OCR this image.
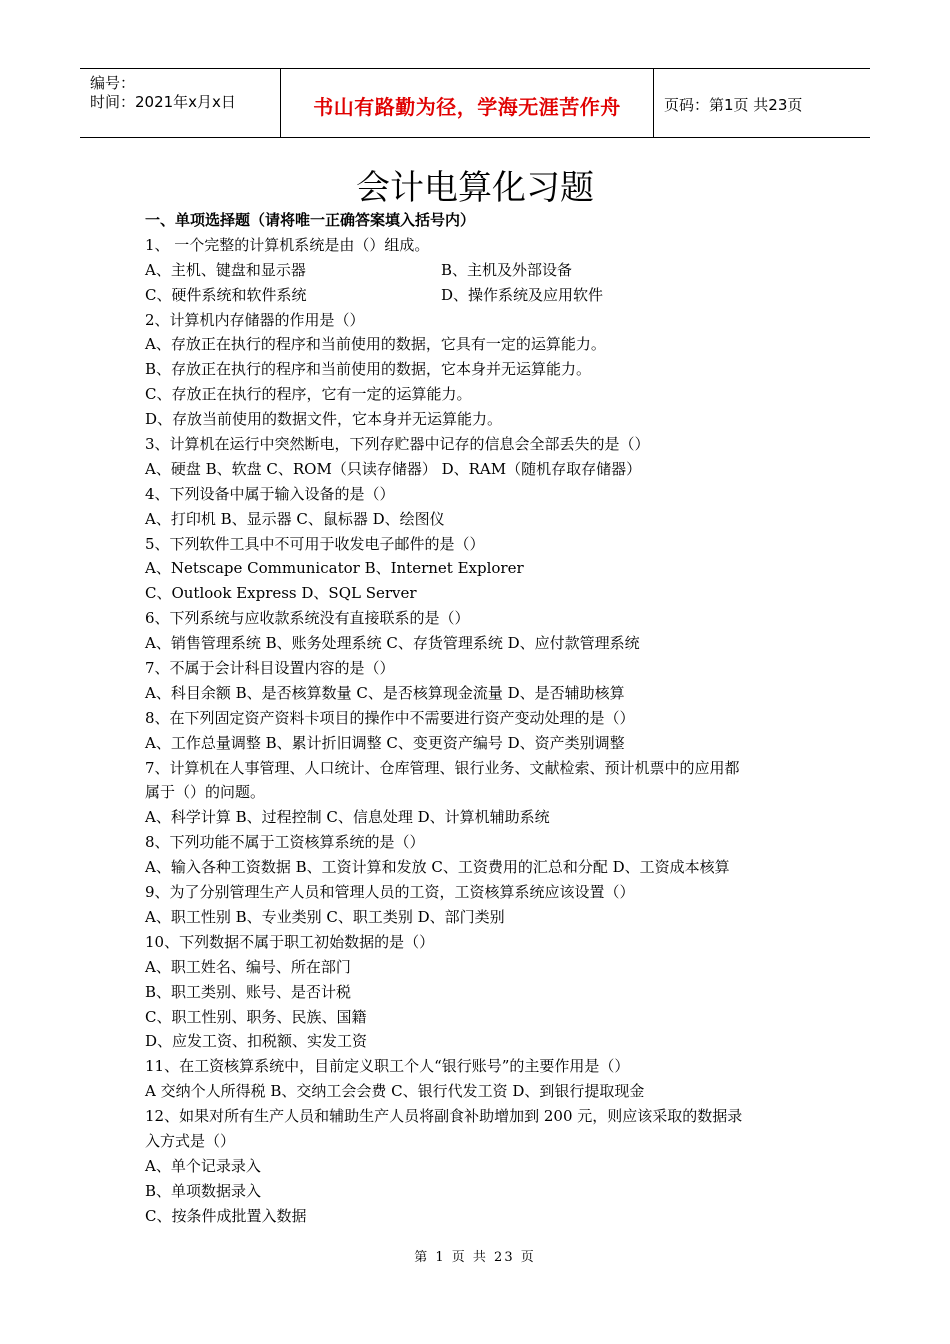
编号：
时间：2021年x月x日	书山有路勤为径，学海无涯苦作舟	页码：第1页 共23页
会计电算化习题
一、单项选择题（请将唯一正确答案填入括号内）
1、 一个完整的计算机系统是由（）组成。
A、主机、键盘和显示器	B、主机及外部设备
C、硬件系统和软件系统	D、操作系统及应用软件
2、计算机内存储器的作用是（）
A、存放正在执行的程序和当前使用的数据，它具有一定的运算能力。
B、存放正在执行的程序和当前使用的数据，它本身并无运算能力。
C、存放正在执行的程序，它有一定的运算能力。
D、存放当前使用的数据文件，它本身并无运算能力。
3、计算机在运行中突然断电，下列存贮器中记存的信息会全部丢失的是（）
A、硬盘 B、软盘 C、ROM（只读存储器） D、RAM（随机存取存储器）
4、下列设备中属于输入设备的是（）
A、打印机 B、显示器 C、鼠标器 D、绘图仪
5、下列软件工具中不可用于收发电子邮件的是（）
A、Netscape Communicator B、Internet Explorer
C、Outlook Express D、SQL Server
6、下列系统与应收款系统没有直接联系的是（）
A、销售管理系统 B、账务处理系统 C、存货管理系统 D、应付款管理系统
7、不属于会计科目设置内容的是（）
A、科目余额 B、是否核算数量 C、是否核算现金流量 D、是否辅助核算
8、在下列固定资产资料卡项目的操作中不需要进行资产变动处理的是（）
A、工作总量调整 B、累计折旧调整 C、变更资产编号 D、资产类别调整
7、计算机在人事管理、人口统计、仓库管理、银行业务、文献检索、预计机票中的应用都
属于（）的问题。
A、科学计算 B、过程控制 C、信息处理 D、计算机辅助系统
8、下列功能不属于工资核算系统的是（）
A、输入各种工资数据 B、工资计算和发放 C、工资费用的汇总和分配 D、工资成本核算
9、为了分别管理生产人员和管理人员的工资，工资核算系统应该设置（）
A、职工性别 B、专业类别 C、职工类别 D、部门类别
10、下列数据不属于职工初始数据的是（）
A、职工姓名、编号、所在部门
B、职工类别、账号、是否计税
C、职工性别、职务、民族、国籍
D、应发工资、扣税额、实发工资
11、在工资核算系统中，目前定义职工个人“银行账号”的主要作用是（）
A 交纳个人所得税 B、交纳工会会费 C、银行代发工资 D、到银行提取现金
12、如果对所有生产人员和辅助生产人员将副食补助增加到 200 元，则应该采取的数据录
入方式是（）
A、单个记录录入
B、单项数据录入
C、按条件成批置入数据
第 1 页 共 23 页
